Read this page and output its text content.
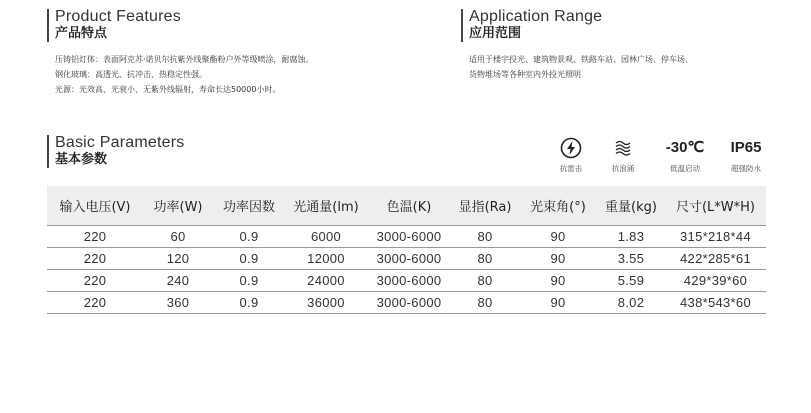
Product Features
产品特点
压铸铝灯体：表面阿克苏·诺贝尔抗紫外线聚酯粉户外等级喷涂，耐腐蚀。
钢化玻璃：高透光、抗冲击、热稳定性强。
光源：光效高、光衰小、无紫外线辐射，寿命长达50000小时。
Application Range
应用范围
适用于楼宇投光、建筑物景观、铁路车站、园林广场、停车场、
货物堆场等各种室内外投光照明
Basic Parameters
基本参数
抗雷击	抗浪涌
-30℃
低温启动
IP65
超强防水
输入电压(V)	功率(W)	功率因数	光通量(lm)	色温(K)	显指(Ra)	光束角(°)	重量(kg)	尺寸(L*W*H)
220	60	0.9	6000	3000-6000	80	90	1.83	315*218*44
220	120	0.9	12000	3000-6000	80	90	3.55	422*285*61
220	240	0.9	24000	3000-6000	80	90	5.59	429*39*60
220	360	0.9	36000	3000-6000	80	90	8.02	438*543*60
